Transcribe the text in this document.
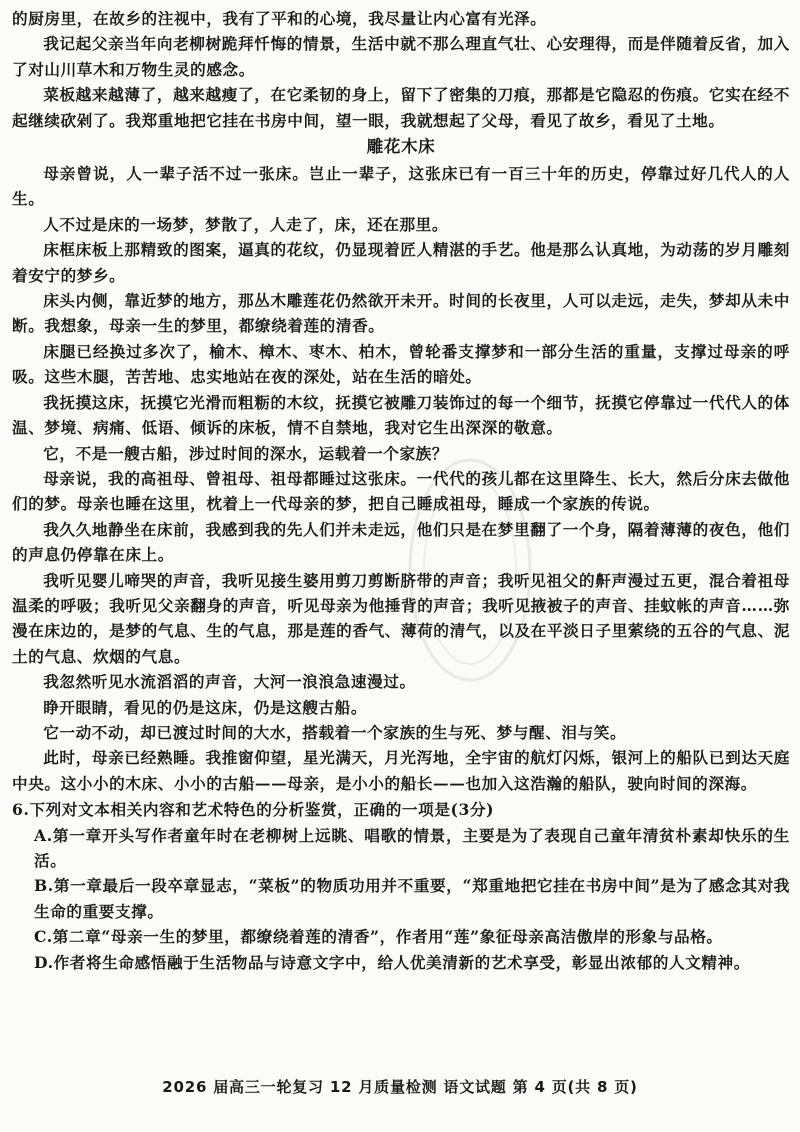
的厨房里，在故乡的注视中，我有了平和的心境，我尽量让内心富有光泽。

我记起父亲当年向老柳树跪拜忏悔的情景，生活中就不那么理直气壮、心安理得，而是伴随着反省，加入了对山川草木和万物生灵的感念。

菜板越来越薄了，越来越瘦了，在它柔韧的身上，留下了密集的刀痕，那都是它隐忍的伤痕。它实在经不起继续砍剁了。我郑重地把它挂在书房中间，望一眼，我就想起了父母，看见了故乡，看见了土地。

雕花木床

母亲曾说，人一辈子活不过一张床。岂止一辈子，这张床已有一百三十年的历史，停靠过好几代人的人生。

人不过是床的一场梦，梦散了，人走了，床，还在那里。

床框床板上那精致的图案，逼真的花纹，仍显现着匠人精湛的手艺。他是那么认真地，为动荡的岁月雕刻着安宁的梦乡。

床头内侧，靠近梦的地方，那丛木雕莲花仍然欲开未开。时间的长夜里，人可以走远，走失，梦却从未中断。我想象，母亲一生的梦里，都缭绕着莲的清香。

床腿已经换过多次了，榆木、樟木、枣木、柏木，曾轮番支撑梦和一部分生活的重量，支撑过母亲的呼吸。这些木腿，苦苦地、忠实地站在夜的深处，站在生活的暗处。

我抚摸这床，抚摸它光滑而粗粝的木纹，抚摸它被雕刀装饰过的每一个细节，抚摸它停靠过一代代人的体温、梦境、病痛、低语、倾诉的床板，情不自禁地，我对它生出深深的敬意。

它，不是一艘古船，涉过时间的深水，运载着一个家族？

母亲说，我的高祖母、曾祖母、祖母都睡过这张床。一代代的孩儿都在这里降生、长大，然后分床去做他们的梦。母亲也睡在这里，枕着上一代母亲的梦，把自己睡成祖母，睡成一个家族的传说。

我久久地静坐在床前，我感到我的先人们并未走远，他们只是在梦里翻了一个身，隔着薄薄的夜色，他们的声息仍停靠在床上。

我听见婴儿啼哭的声音，我听见接生婆用剪刀剪断脐带的声音；我听见祖父的鼾声漫过五更，混合着祖母温柔的呼吸；我听见父亲翻身的声音，听见母亲为他捶背的声音；我听见掖被子的声音、挂蚊帐的声音……弥漫在床边的，是梦的气息、生的气息，那是莲的香气、薄荷的清气，以及在平淡日子里萦绕的五谷的气息、泥土的气息、炊烟的气息。

我忽然听见水流滔滔的声音，大河一浪浪急速漫过。

睁开眼睛，看见的仍是这床，仍是这艘古船。

它一动不动，却已渡过时间的大水，搭载着一个家族的生与死、梦与醒、泪与笑。

此时，母亲已经熟睡。我推窗仰望，星光满天，月光泻地，全宇宙的航灯闪烁，银河上的船队已到达天庭中央。这小小的木床、小小的古船——母亲，是小小的船长——也加入这浩瀚的船队，驶向时间的深海。

6.下列对文本相关内容和艺术特色的分析鉴赏，正确的一项是(3分)

A.第一章开头写作者童年时在老柳树上远眺、唱歌的情景，主要是为了表现自己童年清贫朴素却快乐的生活。

B.第一章最后一段卒章显志，“菜板”的物质功用并不重要，“郑重地把它挂在书房中间”是为了感念其对我生命的重要支撑。

C.第二章“母亲一生的梦里，都缭绕着莲的清香”，作者用“莲”象征母亲高洁傲岸的形象与品格。

D.作者将生命感悟融于生活物品与诗意文字中，给人优美清新的艺术享受，彰显出浓郁的人文精神。

2026 届高三一轮复习 12 月质量检测 语文试题 第 4 页(共 8 页)
